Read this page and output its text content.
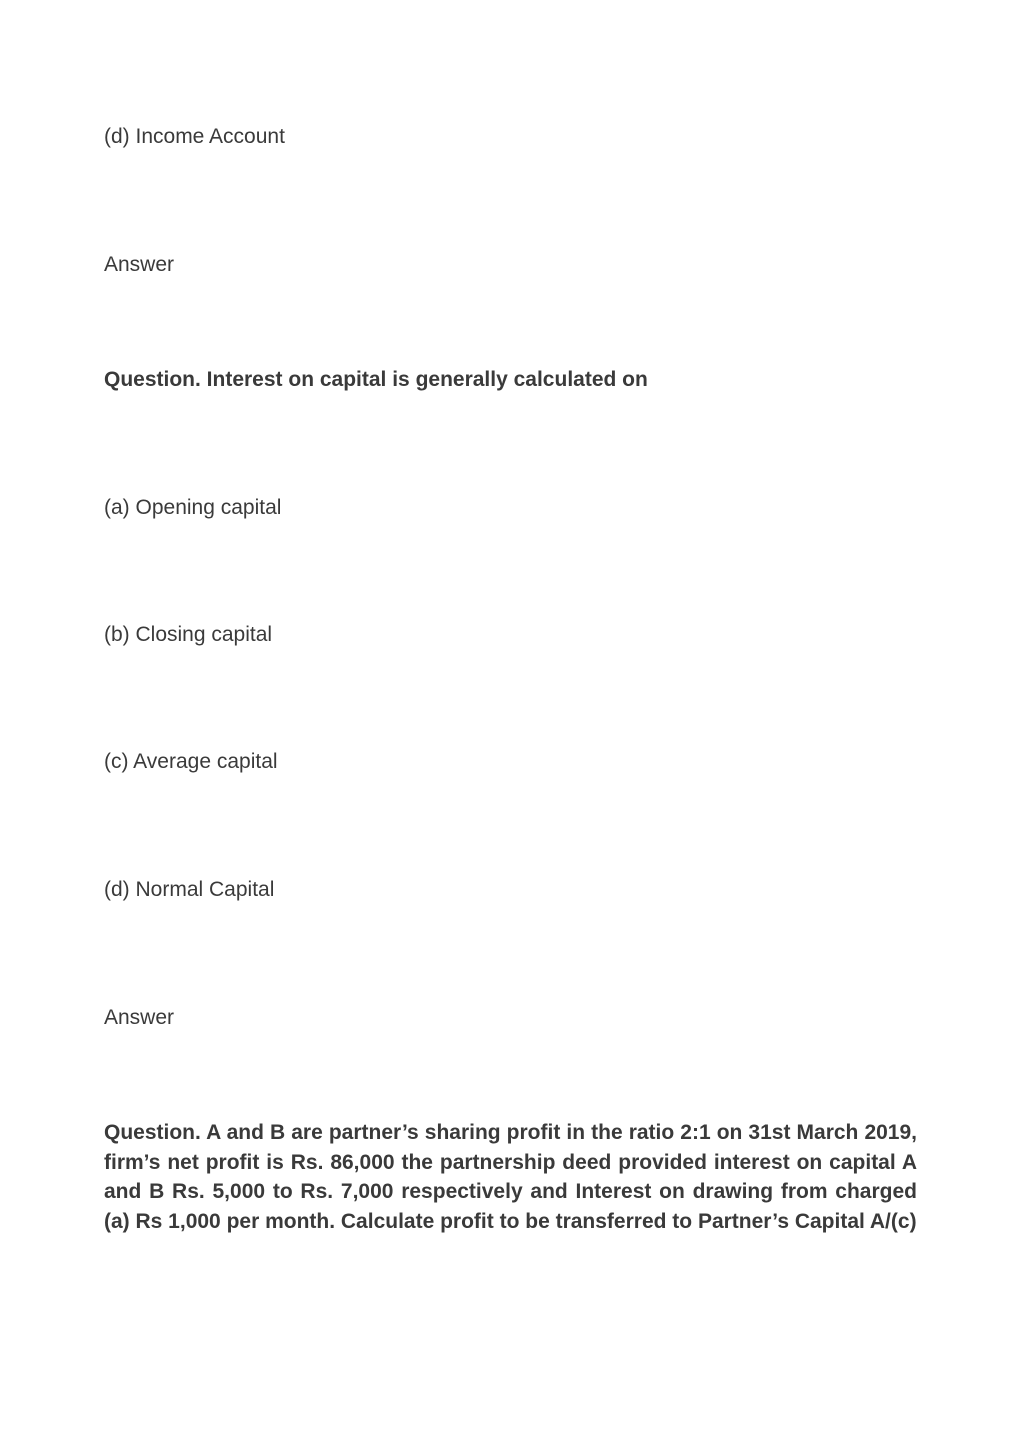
(d) Income Account

Answer

Question. Interest on capital is generally calculated on

(a) Opening capital

(b) Closing capital

(c) Average capital

(d) Normal Capital

Answer

Question. A and B are partner’s sharing profit in the ratio 2:1 on 31st March 2019, firm’s net profit is Rs. 86,000 the partnership deed provided interest on capital A and B Rs. 5,000 to Rs. 7,000 respectively and Interest on drawing from charged (a) Rs 1,000 per month. Calculate profit to be transferred to Partner’s Capital A/(c)
